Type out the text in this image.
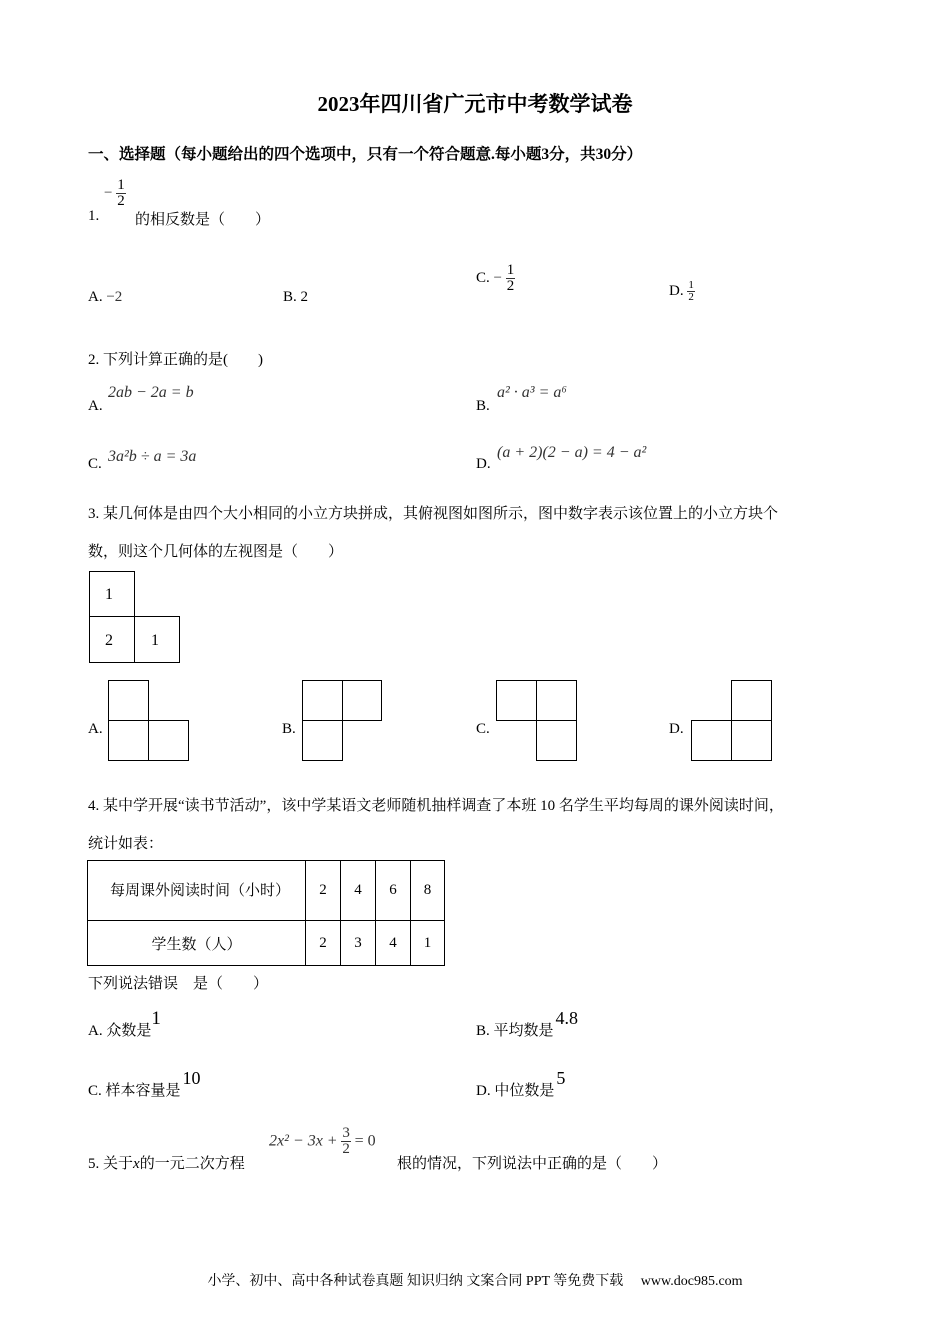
2023年四川省广元市中考数学试卷
一、选择题（每小题给出的四个选项中，只有一个符合题意.每小题3分，共30分）
1.
− $\frac{1}{2}$
的相反数是（　　）
A. −2	B. 2
C. − $\frac{1}{2}$	D. $\frac{1}{2}$
2. 下列计算正确的是(　　)
A.
2ab − 2a = b
B.
a² · a³ = a⁶
C. 3a²b ÷ a = 3a	D.
(a + 2)(2 − a) = 4 − a²
3. 某几何体是由四个大小相同的小立方块拼成，其俯视图如图所示，图中数字表示该位置上的小立方块个
数，则这个几何体的左视图是（　　）
1
2 1
A.	B.	C.	D.
4. 某中学开展“读书节活动”，该中学某语文老师随机抽样调查了本班 10 名学生平均每周的课外阅读时间，
统计如表：
每周课外阅读时间（小时）	2	4	6	8
学生数（人）	2	3	4	1
下列说法错误　是（　　）
A. 众数是1
B. 平均数是4.8
C. 样本容量是10
D. 中位数是5
5. 关于x的一元二次方程
$2x^2 - 3x + \frac{3}{2} = 0$
根的情况，下列说法中正确的是（　　）
小学、初中、高中各种试卷真题 知识归纳 文案合同 PPT 等免费下载　 www.doc985.com
